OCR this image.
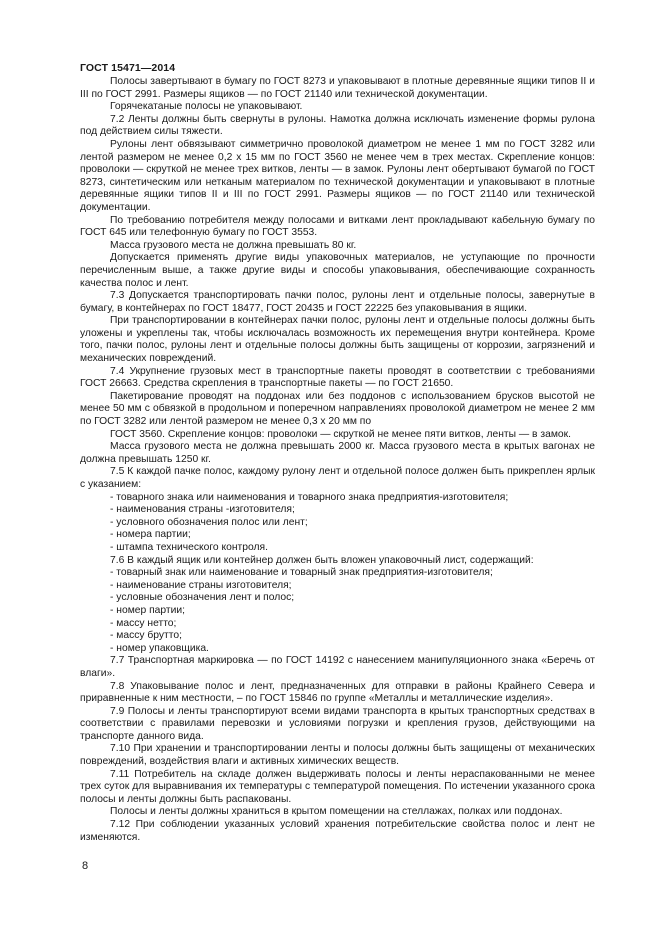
ГОСТ 15471—2014

Полосы завертывают в бумагу по ГОСТ 8273 и упаковывают в плотные деревянные ящики типов II и III по ГОСТ 2991. Размеры ящиков — по ГОСТ 21140 или технической документации.

Горячекатаные полосы не упаковывают.

7.2 Ленты должны быть свернуты в рулоны. Намотка должна исключать изменение формы рулона под действием силы тяжести.

Рулоны лент обвязывают симметрично проволокой диаметром не менее 1 мм по ГОСТ 3282 или лентой размером не менее 0,2 х 15 мм по ГОСТ 3560 не менее чем в трех местах. Скрепление концов: проволоки — скруткой не менее трех витков, ленты — в замок. Рулоны лент обертывают бумагой по ГОСТ 8273, синтетическим или нетканым материалом по технической документации и упаковывают в плотные деревянные ящики типов II и III по ГОСТ 2991. Размеры ящиков — по ГОСТ 21140 или технической документации.

По требованию потребителя между полосами и витками лент прокладывают кабельную бумагу по ГОСТ 645 или телефонную бумагу по ГОСТ 3553.

Масса грузового места не должна превышать 80 кг.

Допускается применять другие виды упаковочных материалов, не уступающие по прочности перечисленным выше, а также другие виды и способы упаковывания, обеспечивающие сохранность качества полос и лент.

7.3 Допускается транспортировать пачки полос, рулоны лент и отдельные полосы, завернутые в бумагу, в контейнерах по ГОСТ 18477, ГОСТ 20435 и ГОСТ 22225 без упаковывания в ящики.

При транспортировании в контейнерах пачки полос, рулоны лент и отдельные полосы должны быть уложены и укреплены так, чтобы исключалась возможность их перемещения внутри контейнера. Кроме того, пачки полос, рулоны лент и отдельные полосы должны быть защищены от коррозии, загрязнений и механических повреждений.

7.4 Укрупнение грузовых мест в транспортные пакеты проводят в соответствии с требованиями ГОСТ 26663. Средства скрепления в транспортные пакеты — по ГОСТ 21650.

Пакетирование проводят на поддонах или без поддонов с использованием брусков высотой не менее 50 мм с обвязкой в продольном и поперечном направлениях проволокой диаметром не менее 2 мм по ГОСТ 3282 или лентой размером не менее 0,3 х 20 мм по

ГОСТ 3560. Скрепление концов: проволоки — скруткой не менее пяти витков, ленты — в замок.

Масса грузового места не должна превышать 2000 кг. Масса грузового места в крытых вагонах не должна превышать 1250 кг.

7.5 К каждой пачке полос, каждому рулону лент и отдельной полосе должен быть прикреплен ярлык с указанием:

- товарного знака или наименования и товарного знака предприятия-изготовителя;

- наименования страны -изготовителя;

- условного обозначения полос или лент;

- номера партии;

- штампа технического контроля.

7.6 В каждый ящик или контейнер должен быть вложен упаковочный лист, содержащий:

- товарный знак или наименование и товарный знак предприятия-изготовителя;

- наименование страны изготовителя;

- условные обозначения лент и полос;

- номер партии;

- массу нетто;

- массу брутто;

- номер упаковщика.

7.7 Транспортная маркировка — по ГОСТ 14192 с нанесением манипуляционного знака «Беречь от влаги».

7.8 Упаковывание полос и лент, предназначенных для отправки в районы Крайнего Севера и приравненные к ним местности, – по ГОСТ 15846 по группе «Металлы и металлические изделия».

7.9 Полосы и ленты транспортируют всеми видами транспорта в крытых транспортных средствах в соответствии с правилами перевозки и условиями погрузки и крепления грузов, действующими на транспорте данного вида.

7.10 При хранении и транспортировании ленты и полосы должны быть защищены от механических повреждений, воздействия влаги и активных химических веществ.

7.11 Потребитель на складе должен выдерживать полосы и ленты нераспакованными не менее трех суток для выравнивания их температуры с температурой помещения. По истечении указанного срока полосы и ленты должны быть распакованы.

Полосы и ленты должны храниться в крытом помещении на стеллажах, полках или поддонах.

7.12 При соблюдении указанных условий хранения потребительские свойства полос и лент не изменяются.

8
